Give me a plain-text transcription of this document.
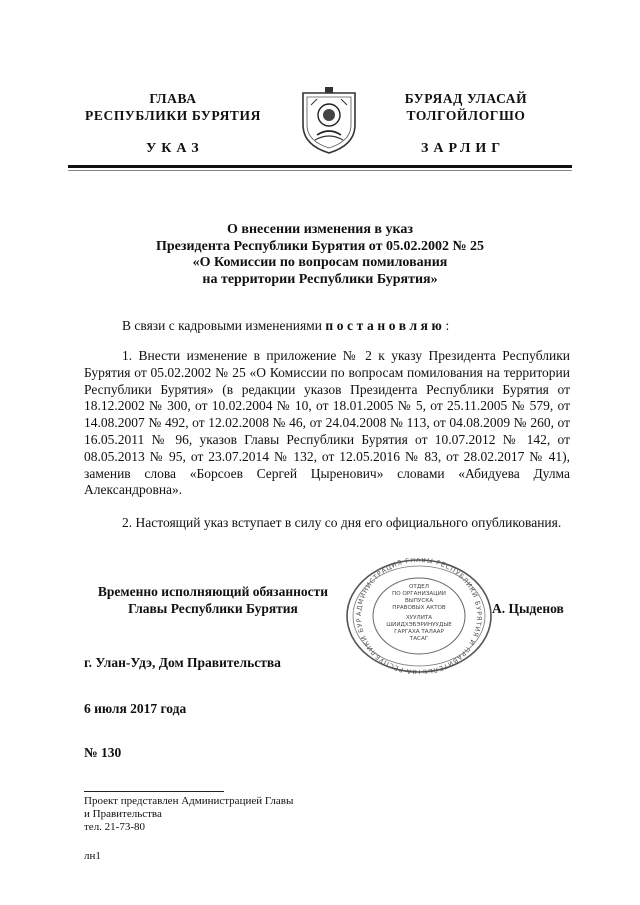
ГЛАВА
РЕСПУБЛИКИ БУРЯТИЯ
УКАЗ
БУРЯАД УЛАСАЙ
ТОЛГОЙЛОГШО
ЗАРЛИГ
О внесении изменения в указ
Президента Республики Бурятия от 05.02.2002 № 25
«О Комиссии по вопросам помилования
на территории Республики Бурятия»
В связи с кадровыми изменениями постановляю:
1. Внести изменение в приложение № 2 к указу Президента Республики Бурятия от 05.02.2002 № 25 «О Комиссии по вопросам помилования на территории Республики Бурятия» (в редакции указов Президента Республики Бурятия от 18.12.2002 № 300, от 10.02.2004 № 10, от 18.01.2005 № 5, от 25.11.2005 № 579, от 14.08.2007 № 492, от 12.02.2008 № 46, от 24.04.2008 № 113, от 04.08.2009 № 260, от 16.05.2011 № 96, указов Главы Республики Бурятия от 10.07.2012 № 142, от 08.05.2013 № 95, от 23.07.2014 № 132, от 12.05.2016 № 83, от 28.02.2017 № 41), заменив слова «Борсоев Сергей Цыренович» словами «Абидуева Дулма Александровна».
2. Настоящий указ вступает в силу со дня его официального опубликования.
Временно исполняющий обязанности
Главы Республики Бурятия	АДМИНИСТРАЦИЯ ГЛАВЫ РЕСПУБЛИКИ БУРЯТИЯ И ПРАВИТЕЛЬСТВА РЕСПУБЛИКИ БУР
ОТДЕЛ
ПО ОРГАНИЗАЦИИ
ВЫПУСКА
ПРАВОВЫХ АКТОВ
ХУУЛИТА
ШИИДХЭБЭРИНУУДЫЕ
ГАРГАХА ТАЛААР
ТАСАГ
А. Цыденов
г. Улан-Удэ, Дом Правительства
6 июля 2017 года
№ 130
Проект представлен Администрацией Главы
и Правительства
тел. 21-73-80
лн1
